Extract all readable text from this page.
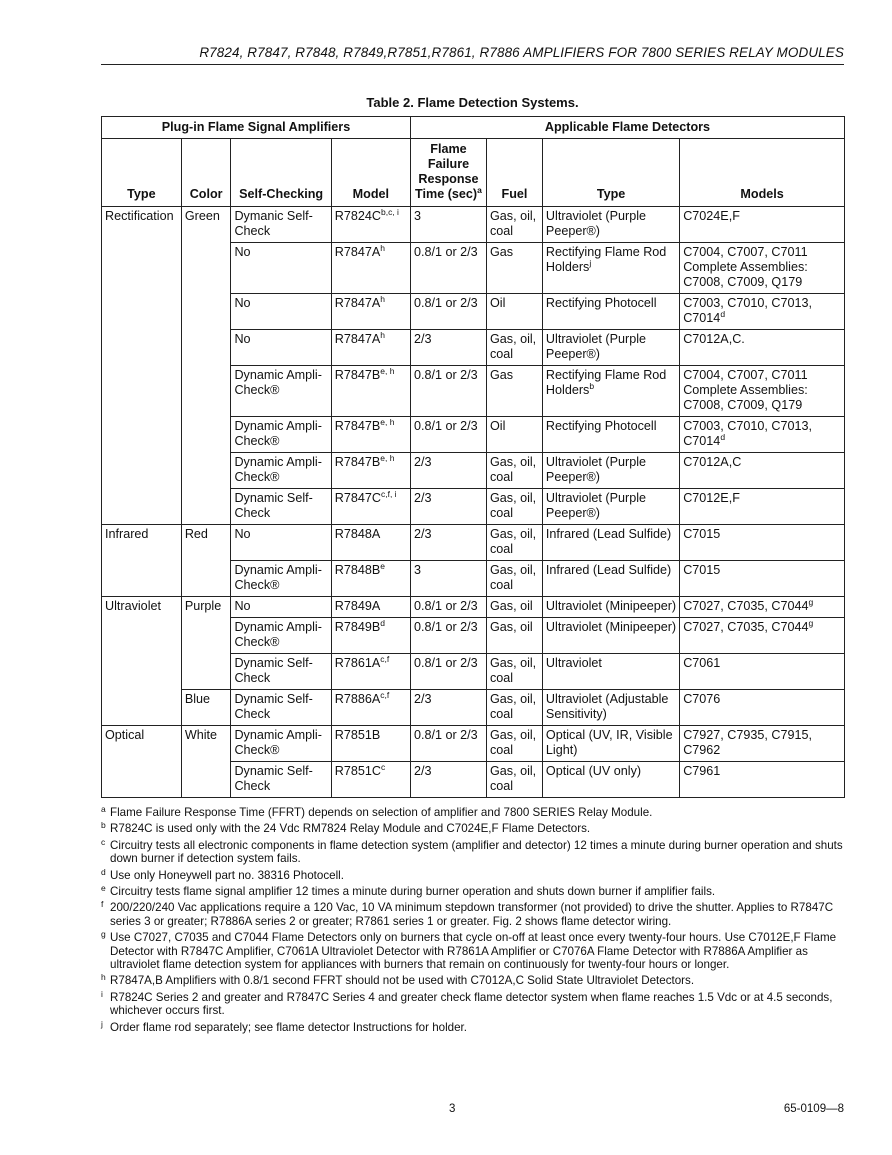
R7824, R7847, R7848, R7849,R7851,R7861, R7886 AMPLIFIERS FOR 7800 SERIES RELAY MODULES
Table 2. Flame Detection Systems.
Plug-in Flame Signal Amplifiers				Applicable Flame Detectors			
Type	Color	Self-Checking	Model	Flame
Failure
Response
Time $(\sec)^a$	Fuel	Type	Models
Rectification	Green	Dymanic Self-Check	$R7824C^{b,c, i}$	3	Gas, oil, coal	Ultraviolet (Purple Peeper®)	C7024E,F
		No	$R7847A^h$	0.8/1 or 2/3	Gas	Rectifying Flame Rod Holders$^j$	C7004, C7007, C7011 Complete Assemblies: C7008, C7009, Q179
		No	$R7847A^h$	0.8/1 or 2/3	Oil	Rectifying Photocell	C7003, C7010, C7013, C7014$^d$
		No	$R7847A^h$	2/3	Gas, oil, coal	Ultraviolet (Purple Peeper®)	C7012A,C.
		Dynamic Ampli-Check®	$R7847B^{e, h}$	0.8/1 or 2/3	Gas	Rectifying Flame Rod Holders$^b$	C7004, C7007, C7011 Complete Assemblies: C7008, C7009, Q179
		Dynamic Ampli-Check®	$R7847B^{e, h}$	0.8/1 or 2/3	Oil	Rectifying Photocell	C7003, C7010, C7013, C7014$^d$
		Dynamic Ampli-Check®	$R7847B^{e, h}$	2/3	Gas, oil, coal	Ultraviolet (Purple Peeper®)	C7012A,C
		Dynamic Self-Check	$R7847C^{c,f, i}$	2/3	Gas, oil, coal	Ultraviolet (Purple Peeper®)	C7012E,F
Infrared	Red	No	R7848A	2/3	Gas, oil, coal	Infrared (Lead Sulfide)	C7015
		Dynamic Ampli-Check®	$R7848B^e$	3	Gas, oil, coal	Infrared (Lead Sulfide)	C7015
Ultraviolet	Purple	No	R7849A	0.8/1 or 2/3	Gas, oil	Ultraviolet (Minipeeper)	C7027, C7035, C7044$^g$
		Dynamic Ampli-Check®	$R7849B^d$	0.8/1 or 2/3	Gas, oil	Ultraviolet (Minipeeper)	C7027, C7035, C7044$^g$
		Dynamic Self-Check	$R7861A^{c,f}$	0.8/1 or 2/3	Gas, oil, coal	Ultraviolet	C7061
	Blue	Dynamic Self-Check	$R7886A^{c,f}$	2/3	Gas, oil, coal	Ultraviolet (Adjustable Sensitivity)	C7076
Optical	White	Dynamic Ampli-Check®	R7851B	0.8/1 or 2/3	Gas, oil, coal	Optical (UV, IR, Visible Light)	C7927, C7935, C7915, C7962
		Dynamic Self-Check	$R7851C^c$	2/3	Gas, oil, coal	Optical (UV only)	C7961
a Flame Failure Response Time (FFRT) depends on selection of amplifier and 7800 SERIES Relay Module.
b R7824C is used only with the 24 Vdc RM7824 Relay Module and C7024E,F Flame Detectors.
c Circuitry tests all electronic components in flame detection system (amplifier and detector) 12 times a minute during burner operation and shuts down burner if detection system fails.
d Use only Honeywell part no. 38316 Photocell.
e Circuitry tests flame signal amplifier 12 times a minute during burner operation and shuts down burner if amplifier fails.
f 200/220/240 Vac applications require a 120 Vac, 10 VA minimum stepdown transformer (not provided) to drive the shutter. Applies to R7847C series 3 or greater; R7886A series 2 or greater; R7861 series 1 or greater. Fig. 2 shows flame detector wiring.
g Use C7027, C7035 and C7044 Flame Detectors only on burners that cycle on-off at least once every twenty-four hours. Use C7012E,F Flame Detector with R7847C Amplifier, C7061A Ultraviolet Detector with R7861A Amplifier or C7076A Flame Detector with R7886A Amplifier as ultraviolet flame detection system for appliances with burners that remain on continuously for twenty-four hours or longer.
h R7847A,B Amplifiers with 0.8/1 second FFRT should not be used with C7012A,C Solid State Ultraviolet Detectors.
i R7824C Series 2 and greater and R7847C Series 4 and greater check flame detector system when flame reaches 1.5 Vdc or at 4.5 seconds, whichever occurs first.
j Order flame rod separately; see flame detector Instructions for holder.
3	65-0109—8
